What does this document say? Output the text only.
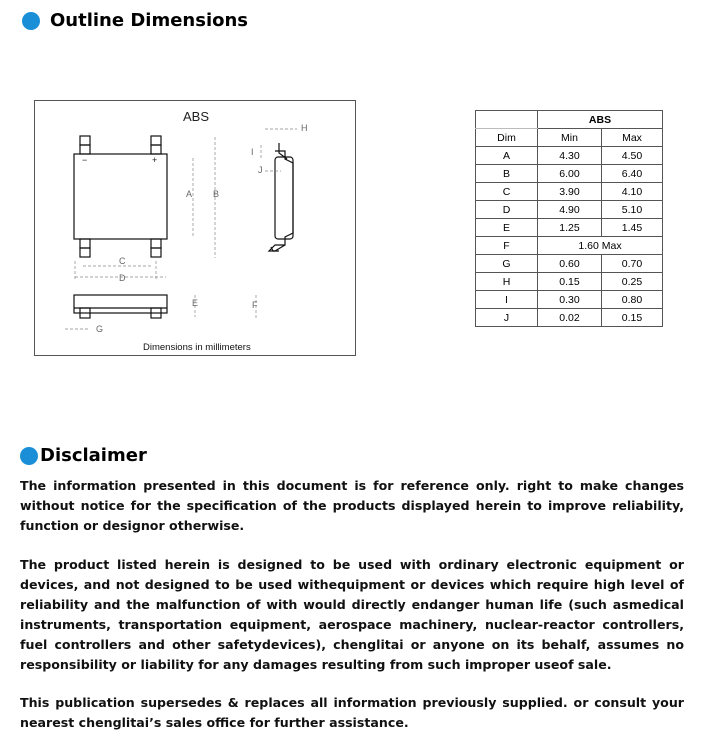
Outline Dimensions
ABS
A B
C
D
E	F
G
H
I
J
−	+
Dimensions in millimeters
	ABS	
Dim	Min	Max
A	4.30	4.50
B	6.00	6.40
C	3.90	4.10
D	4.90	5.10
E	1.25	1.45
F	1.60 Max	
G	0.60	0.70
H	0.15	0.25
I	0.30	0.80
J	0.02	0.15
Disclaimer

The information presented in this document is for reference only. right to make changes without notice for the specification of the products displayed herein to improve reliability, function or designor otherwise.

The product listed herein is designed to be used with ordinary electronic equipment or devices, and not designed to be used withequipment or devices which require high level of reliability and the malfunction of with would directly endanger human life (such asmedical instruments, transportation equipment, aerospace machinery, nuclear-reactor controllers, fuel controllers and other safetydevices), chenglitai or anyone on its behalf, assumes no responsibility or liability for any damages resulting from such improper useof sale.

This publication supersedes & replaces all information previously supplied. or consult your nearest chenglitai’s sales office for further assistance.
